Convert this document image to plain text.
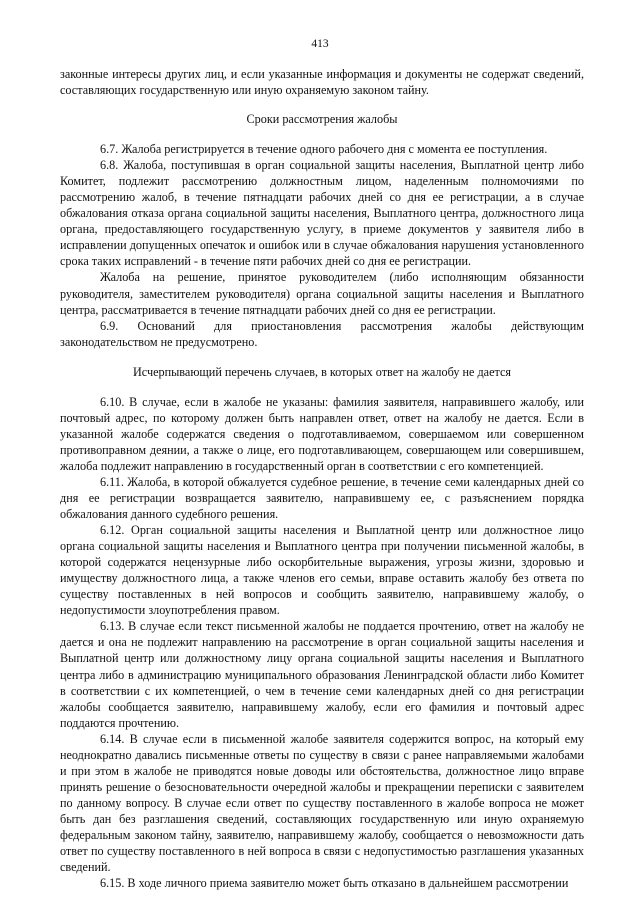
413

законные интересы других лиц, и если указанные информация и документы не содержат сведений, составляющих государственную или иную охраняемую законом тайну.

Сроки рассмотрения жалобы

6.7. Жалоба регистрируется в течение одного рабочего дня с момента ее поступления.

6.8. Жалоба, поступившая в орган социальной защиты населения, Выплатной центр либо Комитет, подлежит рассмотрению должностным лицом, наделенным полномочиями по рассмотрению жалоб, в течение пятнадцати рабочих дней со дня ее регистрации, а в случае обжалования отказа органа социальной защиты населения, Выплатного центра, должностного лица органа, предоставляющего государственную услугу, в приеме документов у заявителя либо в исправлении допущенных опечаток и ошибок или в случае обжалования нарушения установленного срока таких исправлений - в течение пяти рабочих дней со дня ее регистрации.

Жалоба на решение, принятое руководителем (либо исполняющим обязанности руководителя, заместителем руководителя) органа социальной защиты населения и Выплатного центра, рассматривается в течение пятнадцати рабочих дней со дня ее регистрации.

6.9. Оснований для приостановления рассмотрения жалобы действующим законодательством не предусмотрено.

Исчерпывающий перечень случаев, в которых ответ на жалобу не дается

6.10. В случае, если в жалобе не указаны: фамилия заявителя, направившего жалобу, или почтовый адрес, по которому должен быть направлен ответ, ответ на жалобу не дается. Если в указанной жалобе содержатся сведения о подготавливаемом, совершаемом или совершенном противоправном деянии, а также о лице, его подготавливающем, совершающем или совершившем, жалоба подлежит направлению в государственный орган в соответствии с его компетенцией.

6.11. Жалоба, в которой обжалуется судебное решение, в течение семи календарных дней со дня ее регистрации возвращается заявителю, направившему ее, с разъяснением порядка обжалования данного судебного решения.

6.12. Орган социальной защиты населения и Выплатной центр или должностное лицо органа социальной защиты населения и Выплатного центра при получении письменной жалобы, в которой содержатся нецензурные либо оскорбительные выражения, угрозы жизни, здоровью и имуществу должностного лица, а также членов его семьи, вправе оставить жалобу без ответа по существу поставленных в ней вопросов и сообщить заявителю, направившему жалобу, о недопустимости злоупотребления правом.

6.13. В случае если текст письменной жалобы не поддается прочтению, ответ на жалобу не дается и она не подлежит направлению на рассмотрение в орган социальной защиты населения и Выплатной центр или должностному лицу органа социальной защиты населения и Выплатного центра либо в администрацию муниципального образования Ленинградской области либо Комитет в соответствии с их компетенцией, о чем в течение семи календарных дней со дня регистрации жалобы сообщается заявителю, направившему жалобу, если его фамилия и почтовый адрес поддаются прочтению.

6.14. В случае если в письменной жалобе заявителя содержится вопрос, на который ему неоднократно давались письменные ответы по существу в связи с ранее направляемыми жалобами и при этом в жалобе не приводятся новые доводы или обстоятельства, должностное лицо вправе принять решение о безосновательности очередной жалобы и прекращении переписки с заявителем по данному вопросу. В случае если ответ по существу поставленного в жалобе вопроса не может быть дан без разглашения сведений, составляющих государственную или иную охраняемую федеральным законом тайну, заявителю, направившему жалобу, сообщается о невозможности дать ответ по существу поставленного в ней вопроса в связи с недопустимостью разглашения указанных сведений.

6.15. В ходе личного приема заявителю может быть отказано в дальнейшем рассмотрении
